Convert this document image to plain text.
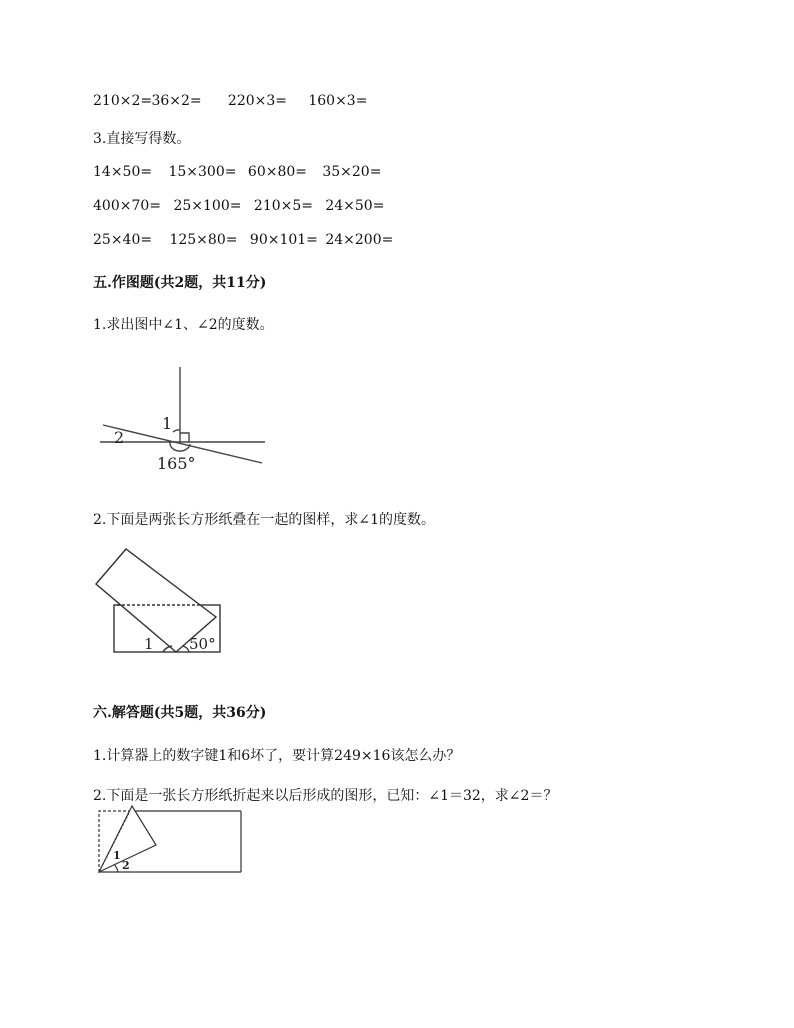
210×2= 36×2= 220×3= 160×3=
3.直接写得数。
14×50= 15×300= 60×80= 35×20=
400×70= 25×100= 210×5= 24×50=
25×40= 125×80= 90×101= 24×200=
五.作图题(共2题，共11分)
1.求出图中∠1、∠2的度数。
1
2
165°
2.下面是两张长方形纸叠在一起的图样，求∠1的度数。
1 50°
六.解答题(共5题，共36分)
1.计算器上的数字键1和6坏了，要计算249×16该怎么办？
2.下面是一张长方形纸折起来以后形成的图形，已知：∠1＝32，求∠2＝？
1
2
